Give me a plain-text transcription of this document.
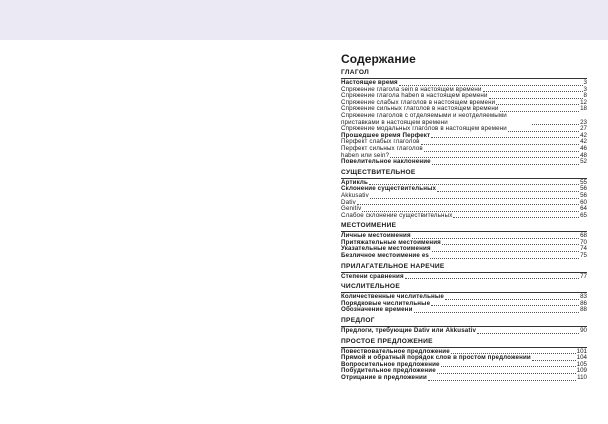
Содержание
ГЛАГОЛ
Настоящее время	3
Спряжение глагола sein в настоящем времени	3
Спряжение глагола haben в настоящем времени	8
Спряжение слабых глаголов в настоящем времени	12
Спряжение сильных глаголов в настоящем времени	18
Спряжение глаголов с отделяемыми и неотделяемыми приставками в настоящем времени	23
Спряжение модальных глаголов в настоящем времени	27
Прошедшее время Перфект	42
Перфект слабых глаголов	42
Перфект сильных глаголов	46
haben или sein?	48
Повелительное наклонение	52
СУЩЕСТВИТЕЛЬНОЕ
Артикль	55
Склонение существительных	56
Akkusativ	56
Dativ	60
Genitiv	64
Слабое склонение существительных	65
МЕСТОИМЕНИЕ
Личные местоимения	68
Притяжательные местоимения	70
Указательные местоимения	74
Безличное местоимение es	75
ПРИЛАГАТЕЛЬНОЕ НАРЕЧИЕ
Степени сравнения	77
ЧИСЛИТЕЛЬНОЕ
Количественные числительные	83
Порядковые числительные	86
Обозначение времени	88
ПРЕДЛОГ
Предлоги, требующие Dativ или Akkusativ	90
ПРОСТОЕ ПРЕДЛОЖЕНИЕ
Повествовательное предложение	101
Прямой и обратный порядок слов в простом предложении	104
Вопросительное предложение	105
Побудительное предложение	109
Отрицание в предложении	110
